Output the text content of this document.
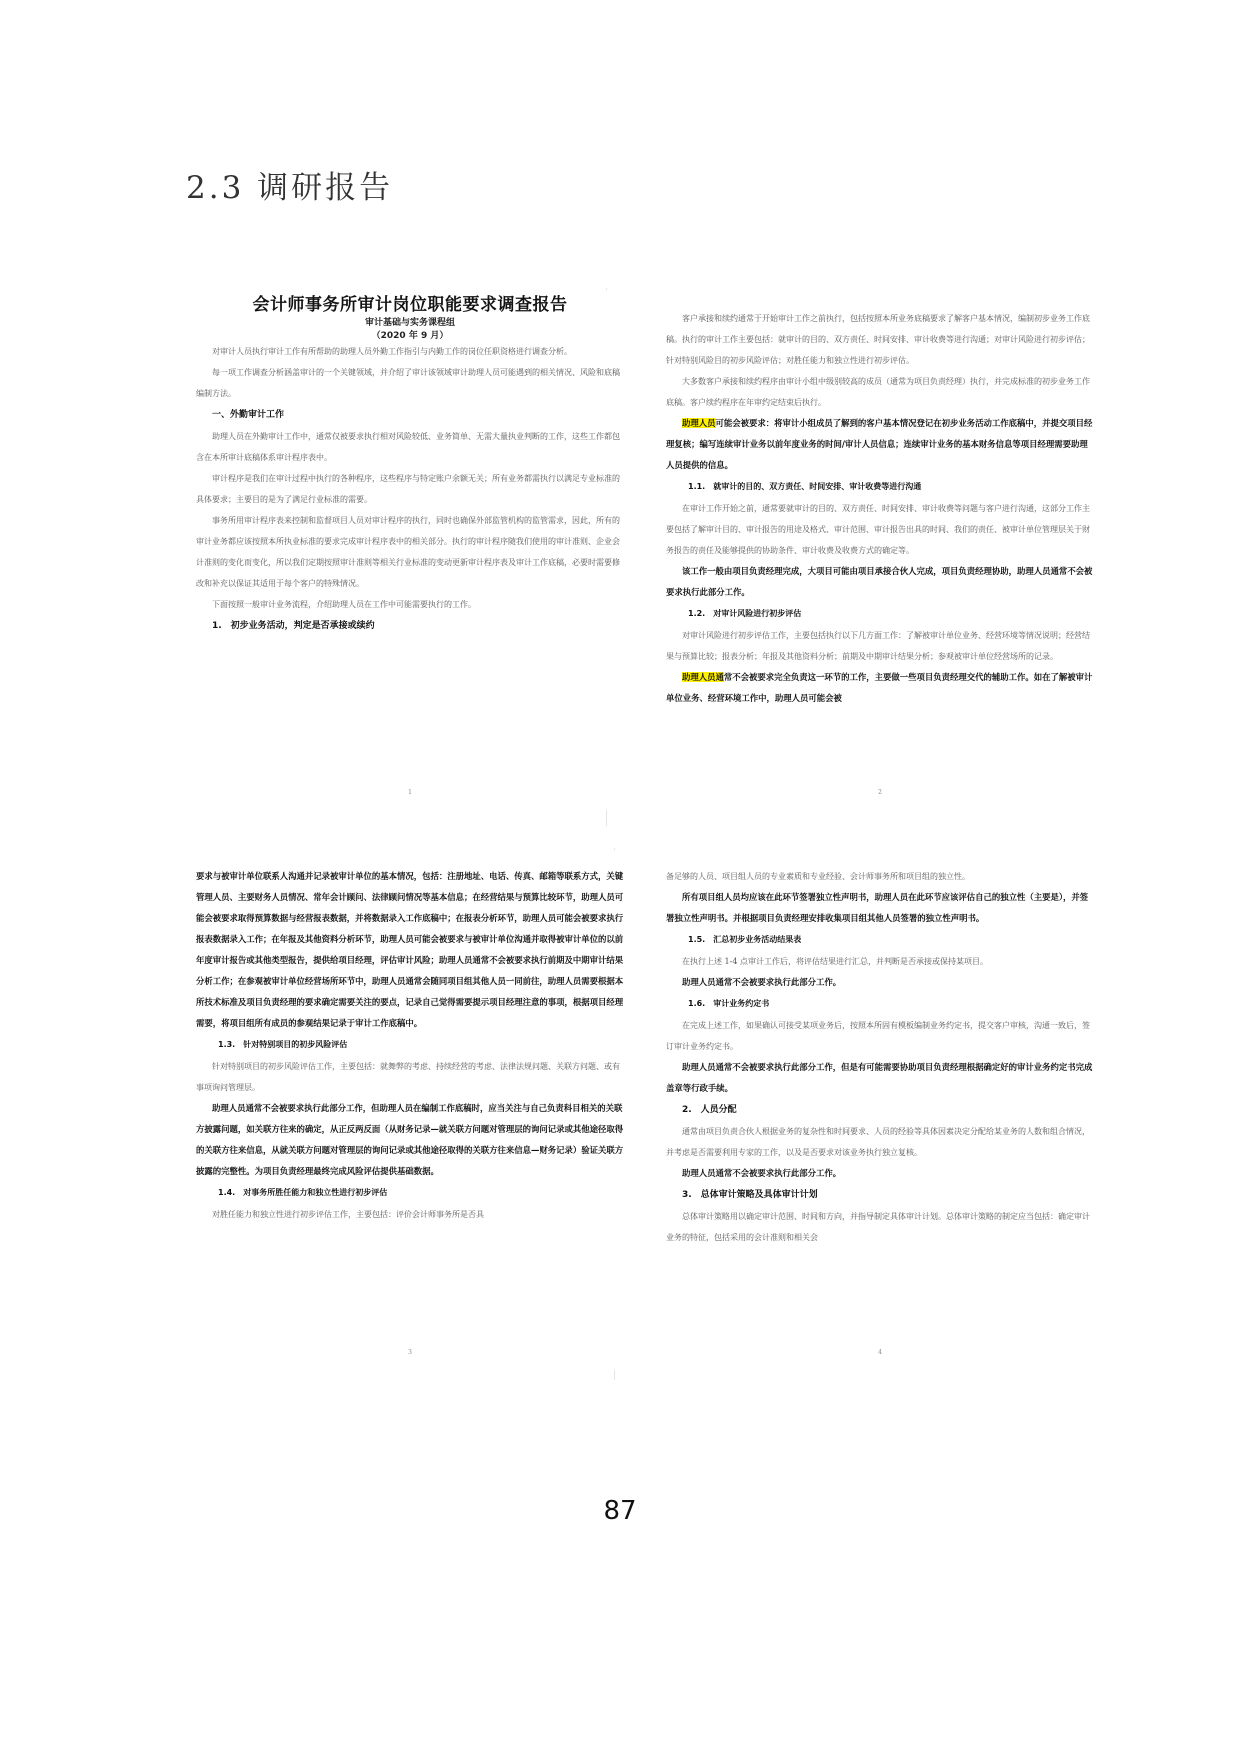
2.3 调研报告

会计师事务所审计岗位职能要求调查报告

审计基础与实务课程组

（2020 年 9 月）

对审计人员执行审计工作有所帮助的助理人员外勤工作指引与内勤工作的岗位任职资格进行调查分析。

每一项工作调查分析涵盖审计的一个关键领域，并介绍了审计该领域审计助理人员可能遇到的相关情况、风险和底稿编制方法。

一、外勤审计工作

助理人员在外勤审计工作中，通常仅被要求执行相对风险较低、业务简单、无需大量执业判断的工作，这些工作都包含在本所审计底稿体系审计程序表中。

审计程序是我们在审计过程中执行的各种程序，这些程序与特定账户余额无关；所有业务都需执行以满足专业标准的具体要求；主要目的是为了满足行业标准的需要。

事务所用审计程序表来控制和监督项目人员对审计程序的执行，同时也确保外部监管机构的监管需求，因此，所有的审计业务都应该按照本所执业标准的要求完成审计程序表中的相关部分。执行的审计程序随我们使用的审计准则、企业会计准则的变化而变化，所以我们定期按照审计准则等相关行业标准的变动更新审计程序表及审计工作底稿，必要时需要修改和补充以保证其适用于每个客户的特殊情况。

下面按照一般审计业务流程，介绍助理人员在工作中可能需要执行的工作。

1.　初步业务活动，判定是否承接或续约

1

客户承接和续约通常于开始审计工作之前执行，包括按照本所业务底稿要求了解客户基本情况，编制初步业务工作底稿。执行的审计工作主要包括：就审计的目的、双方责任、时间安排、审计收费等进行沟通；对审计风险进行初步评估；针对特别风险目的初步风险评估；对胜任能力和独立性进行初步评估。

大多数客户承接和续约程序由审计小组中级别较高的成员（通常为项目负责经理）执行，并完成标准的初步业务工作底稿。客户续约程序在年审约定结束后执行。

助理人员可能会被要求：将审计小组成员了解到的客户基本情况登记在初步业务活动工作底稿中，并提交项目经理复核；编写连续审计业务以前年度业务的时间/审计人员信息；连续审计业务的基本财务信息等项目经理需要助理人员提供的信息。

1.1.　就审计的目的、双方责任、时间安排、审计收费等进行沟通

在审计工作开始之前，通常要就审计的目的、双方责任、时间安排、审计收费等问题与客户进行沟通，这部分工作主要包括了解审计目的、审计报告的用途及格式、审计范围、审计报告出具的时间、我们的责任、被审计单位管理层关于财务报告的责任及能够提供的协助条件、审计收费及收费方式的确定等。

该工作一般由项目负责经理完成，大项目可能由项目承接合伙人完成，项目负责经理协助，助理人员通常不会被要求执行此部分工作。

1.2.　对审计风险进行初步评估

对审计风险进行初步评估工作，主要包括执行以下几方面工作：了解被审计单位业务、经营环境等情况说明；经营结果与预算比较；报表分析；年报及其他资料分析；前期及中期审计结果分析；参观被审计单位经营场所的记录。

助理人员通常不会被要求完全负责这一环节的工作，主要做一些项目负责经理交代的辅助工作。如在了解被审计单位业务、经营环境工作中，助理人员可能会被

2

要求与被审计单位联系人沟通并记录被审计单位的基本情况，包括：注册地址、电话、传真、邮箱等联系方式，关键管理人员、主要财务人员情况、常年会计顾问、法律顾问情况等基本信息；在经营结果与预算比较环节，助理人员可能会被要求取得预算数据与经营报表数据，并将数据录入工作底稿中；在报表分析环节，助理人员可能会被要求执行报表数据录入工作；在年报及其他资料分析环节，助理人员可能会被要求与被审计单位沟通并取得被审计单位的以前年度审计报告或其他类型报告，提供给项目经理，评估审计风险；助理人员通常不会被要求执行前期及中期审计结果分析工作；在参观被审计单位经营场所环节中，助理人员通常会随同项目组其他人员一同前往，助理人员需要根据本所技术标准及项目负责经理的要求确定需要关注的要点，记录自己觉得需要提示项目经理注意的事项，根据项目经理需要，将项目组所有成员的参观结果记录于审计工作底稿中。

1.3.　针对特别项目的初步风险评估

针对特别项目的初步风险评估工作，主要包括：就舞弊的考虑、持续经营的考虑、法律法规问题、关联方问题、或有事项询问管理层。

助理人员通常不会被要求执行此部分工作，但助理人员在编制工作底稿时，应当关注与自己负责科目相关的关联方披露问题，如关联方往来的确定，从正反两反面（从财务记录—就关联方问题对管理层的询问记录或其他途径取得的关联方往来信息，从就关联方问题对管理层的询问记录或其他途径取得的关联方往来信息—财务记录）验证关联方披露的完整性。为项目负责经理最终完成风险评估提供基础数据。

1.4.　对事务所胜任能力和独立性进行初步评估

对胜任能力和独立性进行初步评估工作，主要包括：评价会计师事务所是否具

3

备足够的人员、项目组人员的专业素质和专业经验、会计师事务所和项目组的独立性。

所有项目组人员均应该在此环节签署独立性声明书，助理人员在此环节应该评估自己的独立性（主要是），并签署独立性声明书。并根据项目负责经理安排收集项目组其他人员签署的独立性声明书。

1.5.　汇总初步业务活动结果表

在执行上述 1-4 点审计工作后，将评估结果进行汇总，并判断是否承接或保持某项目。

助理人员通常不会被要求执行此部分工作。

1.6.　审计业务约定书

在完成上述工作，如果确认可接受某项业务后，按照本所固有模板编制业务约定书，提交客户审核，沟通一致后，签订审计业务约定书。

助理人员通常不会被要求执行此部分工作，但是有可能需要协助项目负责经理根据确定好的审计业务约定书完成盖章等行政手续。

2.　人员分配

通常由项目负责合伙人根据业务的复杂性和时间要求、人员的经验等具体因素决定分配给某业务的人数和组合情况，并考虑是否需要利用专家的工作，以及是否要求对该业务执行独立复核。

助理人员通常不会被要求执行此部分工作。

3.　总体审计策略及具体审计计划

总体审计策略用以确定审计范围、时间和方向，并指导制定具体审计计划。总体审计策略的制定应当包括：确定审计业务的特征，包括采用的会计准则和相关会

4
87
